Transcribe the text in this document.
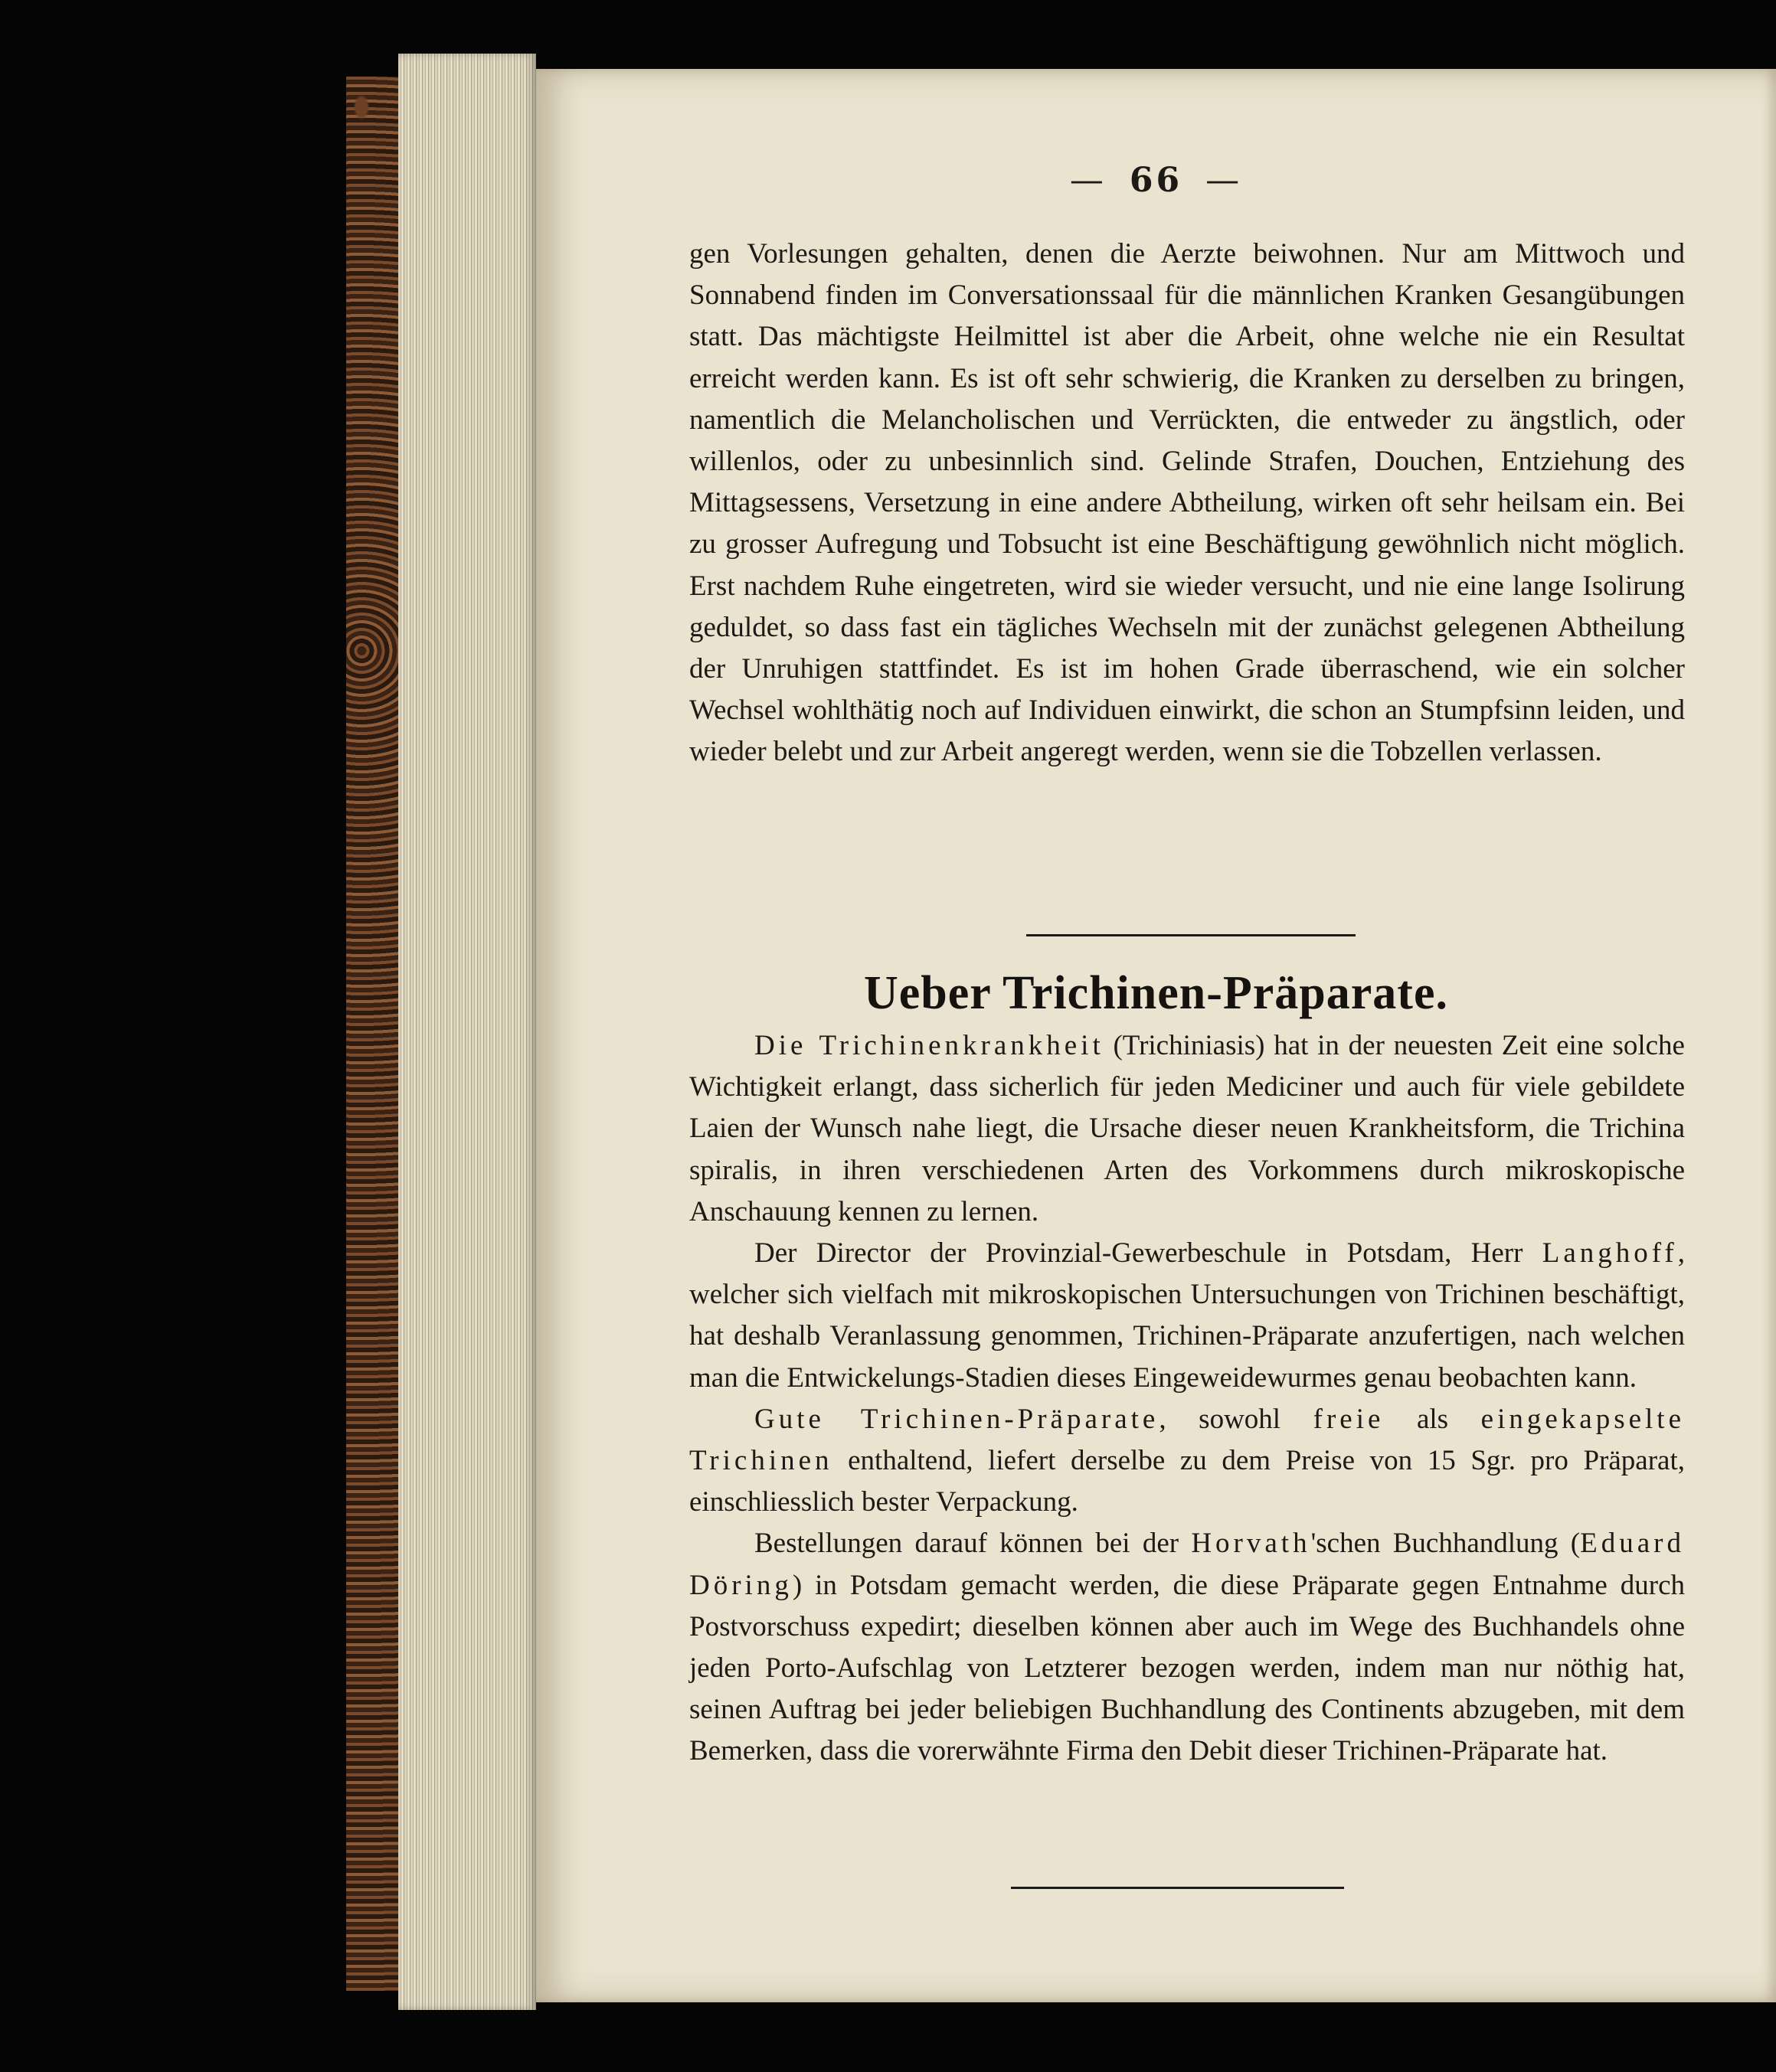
— 66 —

gen Vorlesungen gehalten, denen die Aerzte beiwohnen. Nur am Mittwoch und Sonnabend finden im Conversationssaal für die männlichen Kranken Gesangübungen statt. Das mächtigste Heilmittel ist aber die Arbeit, ohne welche nie ein Resultat erreicht werden kann. Es ist oft sehr schwierig, die Kranken zu derselben zu bringen, namentlich die Melancholischen und Verrückten, die entweder zu ängstlich, oder willenlos, oder zu unbesinnlich sind. Gelinde Strafen, Douchen, Entziehung des Mittagsessens, Versetzung in eine andere Abtheilung, wirken oft sehr heilsam ein. Bei zu grosser Aufregung und Tobsucht ist eine Beschäftigung gewöhnlich nicht möglich. Erst nachdem Ruhe eingetreten, wird sie wieder versucht, und nie eine lange Isolirung geduldet, so dass fast ein tägliches Wechseln mit der zunächst gelegenen Abtheilung der Unruhigen stattfindet. Es ist im hohen Grade überraschend, wie ein solcher Wechsel wohlthätig noch auf Individuen einwirkt, die schon an Stumpfsinn leiden, und wieder belebt und zur Arbeit angeregt werden, wenn sie die Tobzellen verlassen.

Ueber Trichinen-Präparate.

Die Trichinenkrankheit (Trichiniasis) hat in der neuesten Zeit eine solche Wichtigkeit erlangt, dass sicherlich für jeden Mediciner und auch für viele gebildete Laien der Wunsch nahe liegt, die Ursache dieser neuen Krankheitsform, die Trichina spiralis, in ihren verschiedenen Arten des Vorkommens durch mikroskopische Anschauung kennen zu lernen.

Der Director der Provinzial-Gewerbeschule in Potsdam, Herr Langhoff, welcher sich vielfach mit mikroskopischen Untersuchungen von Trichinen beschäftigt, hat deshalb Veranlassung genommen, Trichinen-Präparate anzufertigen, nach welchen man die Entwickelungs-Stadien dieses Eingeweidewurmes genau beobachten kann.

Gute Trichinen-Präparate, sowohl freie als eingekapselte Trichinen enthaltend, liefert derselbe zu dem Preise von 15 Sgr. pro Präparat, einschliesslich bester Verpackung.

Bestellungen darauf können bei der Horvath'schen Buchhandlung (Eduard Döring) in Potsdam gemacht werden, die diese Präparate gegen Entnahme durch Postvorschuss expedirt; dieselben können aber auch im Wege des Buchhandels ohne jeden Porto-Aufschlag von Letzterer bezogen werden, indem man nur nöthig hat, seinen Auftrag bei jeder beliebigen Buchhandlung des Continents abzugeben, mit dem Bemerken, dass die vorerwähnte Firma den Debit dieser Trichinen-Präparate hat.
